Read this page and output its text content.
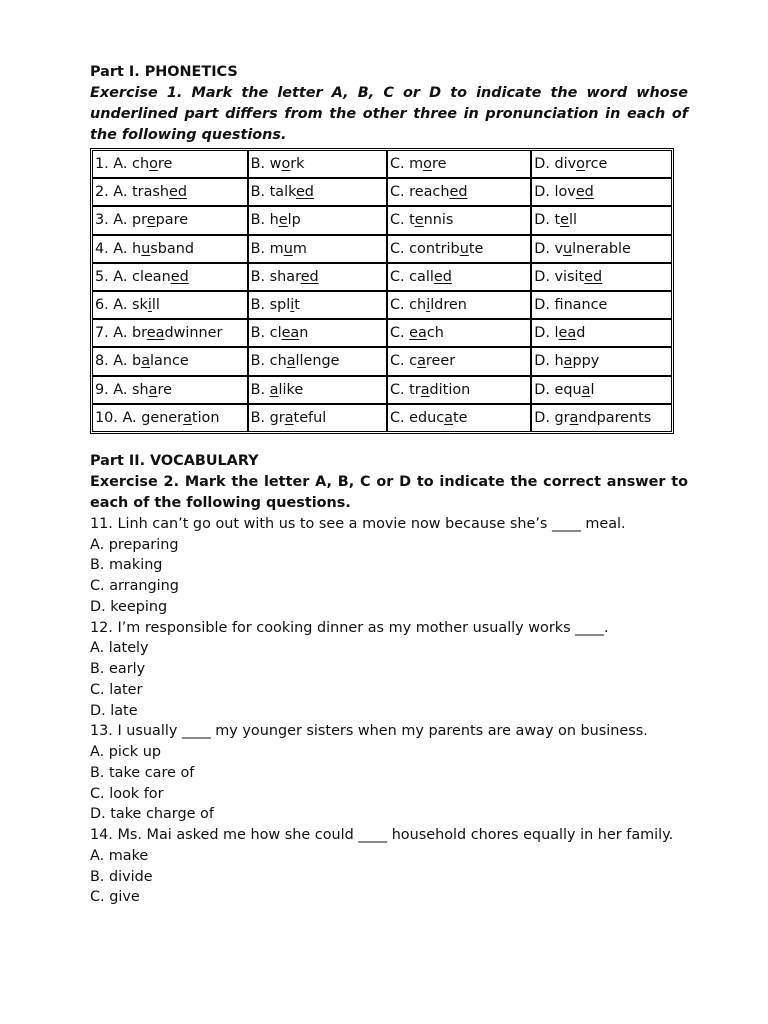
Part I. PHONETICS
Exercise 1. Mark the letter A, B, C or D to indicate the word whose underlined part differs from the other three in pronunciation in each of the following questions.
1. A. chore	B. work	C. more	D. divorce
2. A. trashed	B. talked	C. reached	D. loved
3. A. prepare	B. help	C. tennis	D. tell
4. A. husband	B. mum	C. contribute	D. vulnerable
5. A. cleaned	B. shared	C. called	D. visited
6. A. skill	B. split	C. children	D. fnance
7. A. breadwinner	B. clean	C. each	D. lead
8. A. balance	B. challenge	C. career	D. happy
9. A. share	B. alike	C. tradition	D. equal
10. A. generation	B. grateful	C. educate	D. grandparents
Part II. VOCABULARY
Exercise 2. Mark the letter A, B, C or D to indicate the correct answer to each of the following questions.
11. Linh can’t go out with us to see a movie now because she’s ____ meal.
A. preparing
B. making
C. arranging
D. keeping
12. I’m responsible for cooking dinner as my mother usually works ____.
A. lately
B. early
C. later
D. late
13. I usually ____ my younger sisters when my parents are away on business.
A. pick up
B. take care of
C. look for
D. take charge of
14. Ms. Mai asked me how she could ____ household chores equally in her family.
A. make
B. divide
C. give
